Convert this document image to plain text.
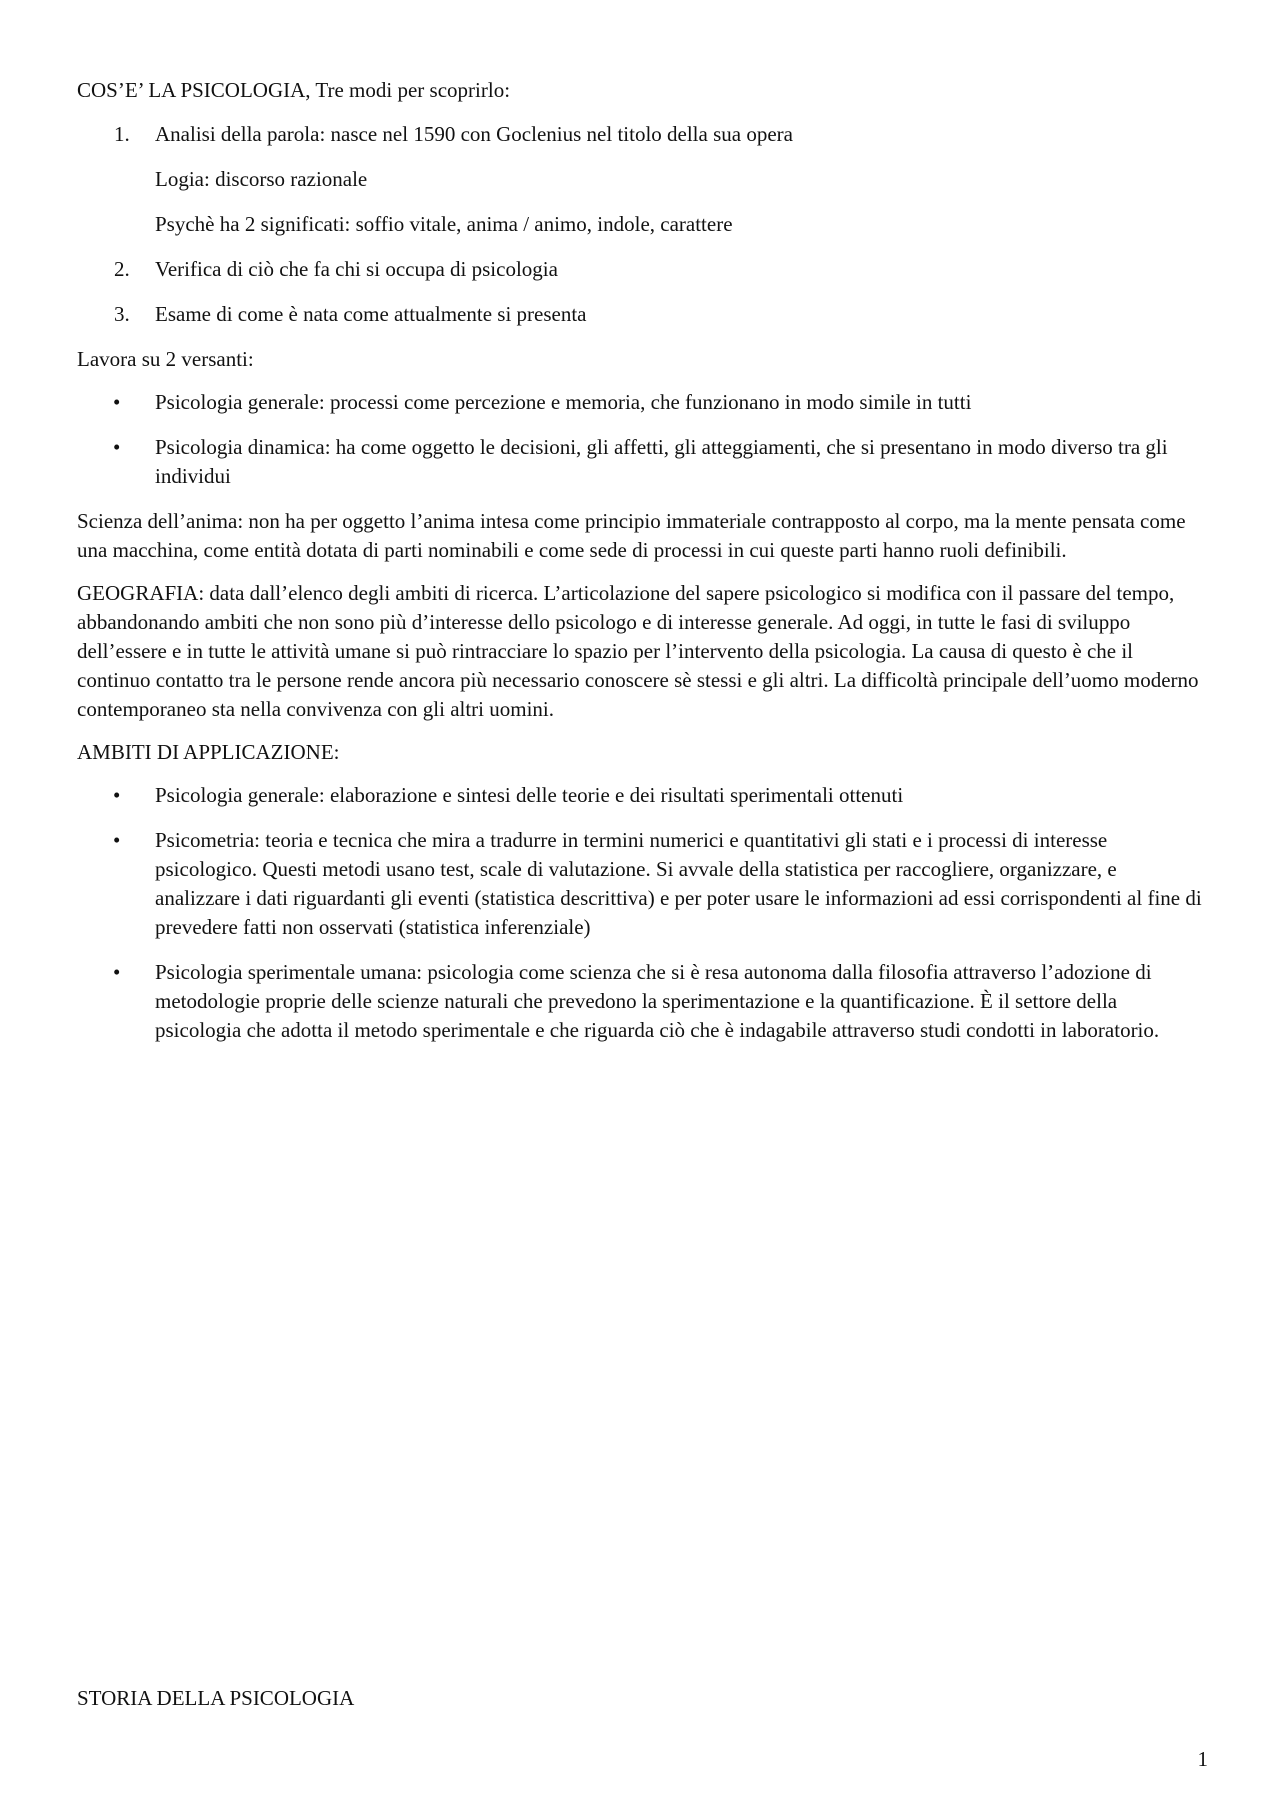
COS’E’ LA PSICOLOGIA, Tre modi per scoprirlo:

1. Analisi della parola: nasce nel 1590 con Goclenius nel titolo della sua opera

Logia: discorso razionale

Psychè ha 2 significati: soffio vitale, anima / animo, indole, carattere

2. Verifica di ciò che fa chi si occupa di psicologia
3. Esame di come è nata come attualmente si presenta

Lavora su 2 versanti:

• Psicologia generale: processi come percezione e memoria, che funzionano in modo simile in tutti
• Psicologia dinamica: ha come oggetto le decisioni, gli affetti, gli atteggiamenti, che si presentano in modo diverso tra gli individui

Scienza dell’anima: non ha per oggetto l’anima intesa come principio immateriale contrapposto al corpo, ma la mente pensata come una macchina, come entità dotata di parti nominabili e come sede di processi in cui queste parti hanno ruoli definibili.

GEOGRAFIA: data dall’elenco degli ambiti di ricerca. L’articolazione del sapere psicologico si modifica con il passare del tempo, abbandonando ambiti che non sono più d’interesse dello psicologo e di interesse generale. Ad oggi, in tutte le fasi di sviluppo dell’essere e in tutte le attività umane si può rintracciare lo spazio per l’intervento della psicologia. La causa di questo è che il continuo contatto tra le persone rende ancora più necessario conoscere sè stessi e gli altri. La difficoltà principale dell’uomo moderno contemporaneo sta nella convivenza con gli altri uomini.

AMBITI DI APPLICAZIONE:

• Psicologia generale: elaborazione e sintesi delle teorie e dei risultati sperimentali ottenuti
• Psicometria: teoria e tecnica che mira a tradurre in termini numerici e quantitativi gli stati e i processi di interesse psicologico. Questi metodi usano test, scale di valutazione. Si avvale della statistica per raccogliere, organizzare, e analizzare i dati riguardanti gli eventi (statistica descrittiva) e per poter usare le informazioni ad essi corrispondenti al fine di prevedere fatti non osservati (statistica inferenziale)
• Psicologia sperimentale umana: psicologia come scienza che si è resa autonoma dalla filosofia attraverso l’adozione di metodologie proprie delle scienze naturali che prevedono la sperimentazione e la quantificazione. È il settore della psicologia che adotta il metodo sperimentale e che riguarda ciò che è indagabile attraverso studi condotti in laboratorio.
STORIA DELLA PSICOLOGIA
1
